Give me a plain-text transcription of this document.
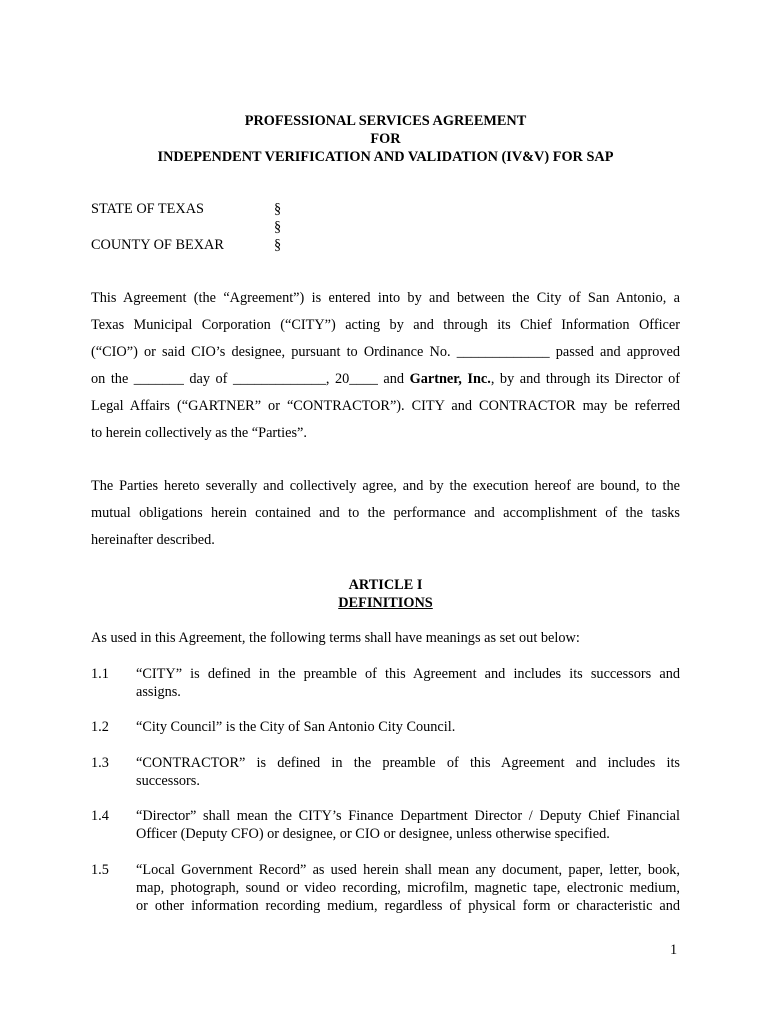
PROFESSIONAL SERVICES AGREEMENT
FOR
INDEPENDENT VERIFICATION AND VALIDATION (IV&V) FOR SAP
STATE OF TEXAS	§
§
COUNTY OF BEXAR	§
This Agreement (the “Agreement”) is entered into by and between the City of San Antonio, a
Texas Municipal Corporation (“CITY”) acting by and through its Chief Information Officer
(“CIO”) or said CIO’s designee, pursuant to Ordinance No. _____________ passed and approved
on the _______ day of _____________, 20____ and Gartner, Inc., by and through its Director of
Legal Affairs (“GARTNER” or “CONTRACTOR”). CITY and CONTRACTOR may be referred
to herein collectively as the “Parties”.
The Parties hereto severally and collectively agree, and by the execution hereof are bound, to the
mutual obligations herein contained and to the performance and accomplishment of the tasks
hereinafter described.
ARTICLE I
DEFINITIONS
As used in this Agreement, the following terms shall have meanings as set out below:
1.1 “CITY” is defined in the preamble of this Agreement and includes its successors and
assigns.
1.2 “City Council” is the City of San Antonio City Council.
1.3 “CONTRACTOR” is defined in the preamble of this Agreement and includes its
successors.
1.4 “Director” shall mean the CITY’s Finance Department Director / Deputy Chief Financial
Officer (Deputy CFO) or designee, or CIO or designee, unless otherwise specified.
1.5 “Local Government Record” as used herein shall mean any document, paper, letter, book,
map, photograph, sound or video recording, microfilm, magnetic tape, electronic medium,
or other information recording medium, regardless of physical form or characteristic and
1
